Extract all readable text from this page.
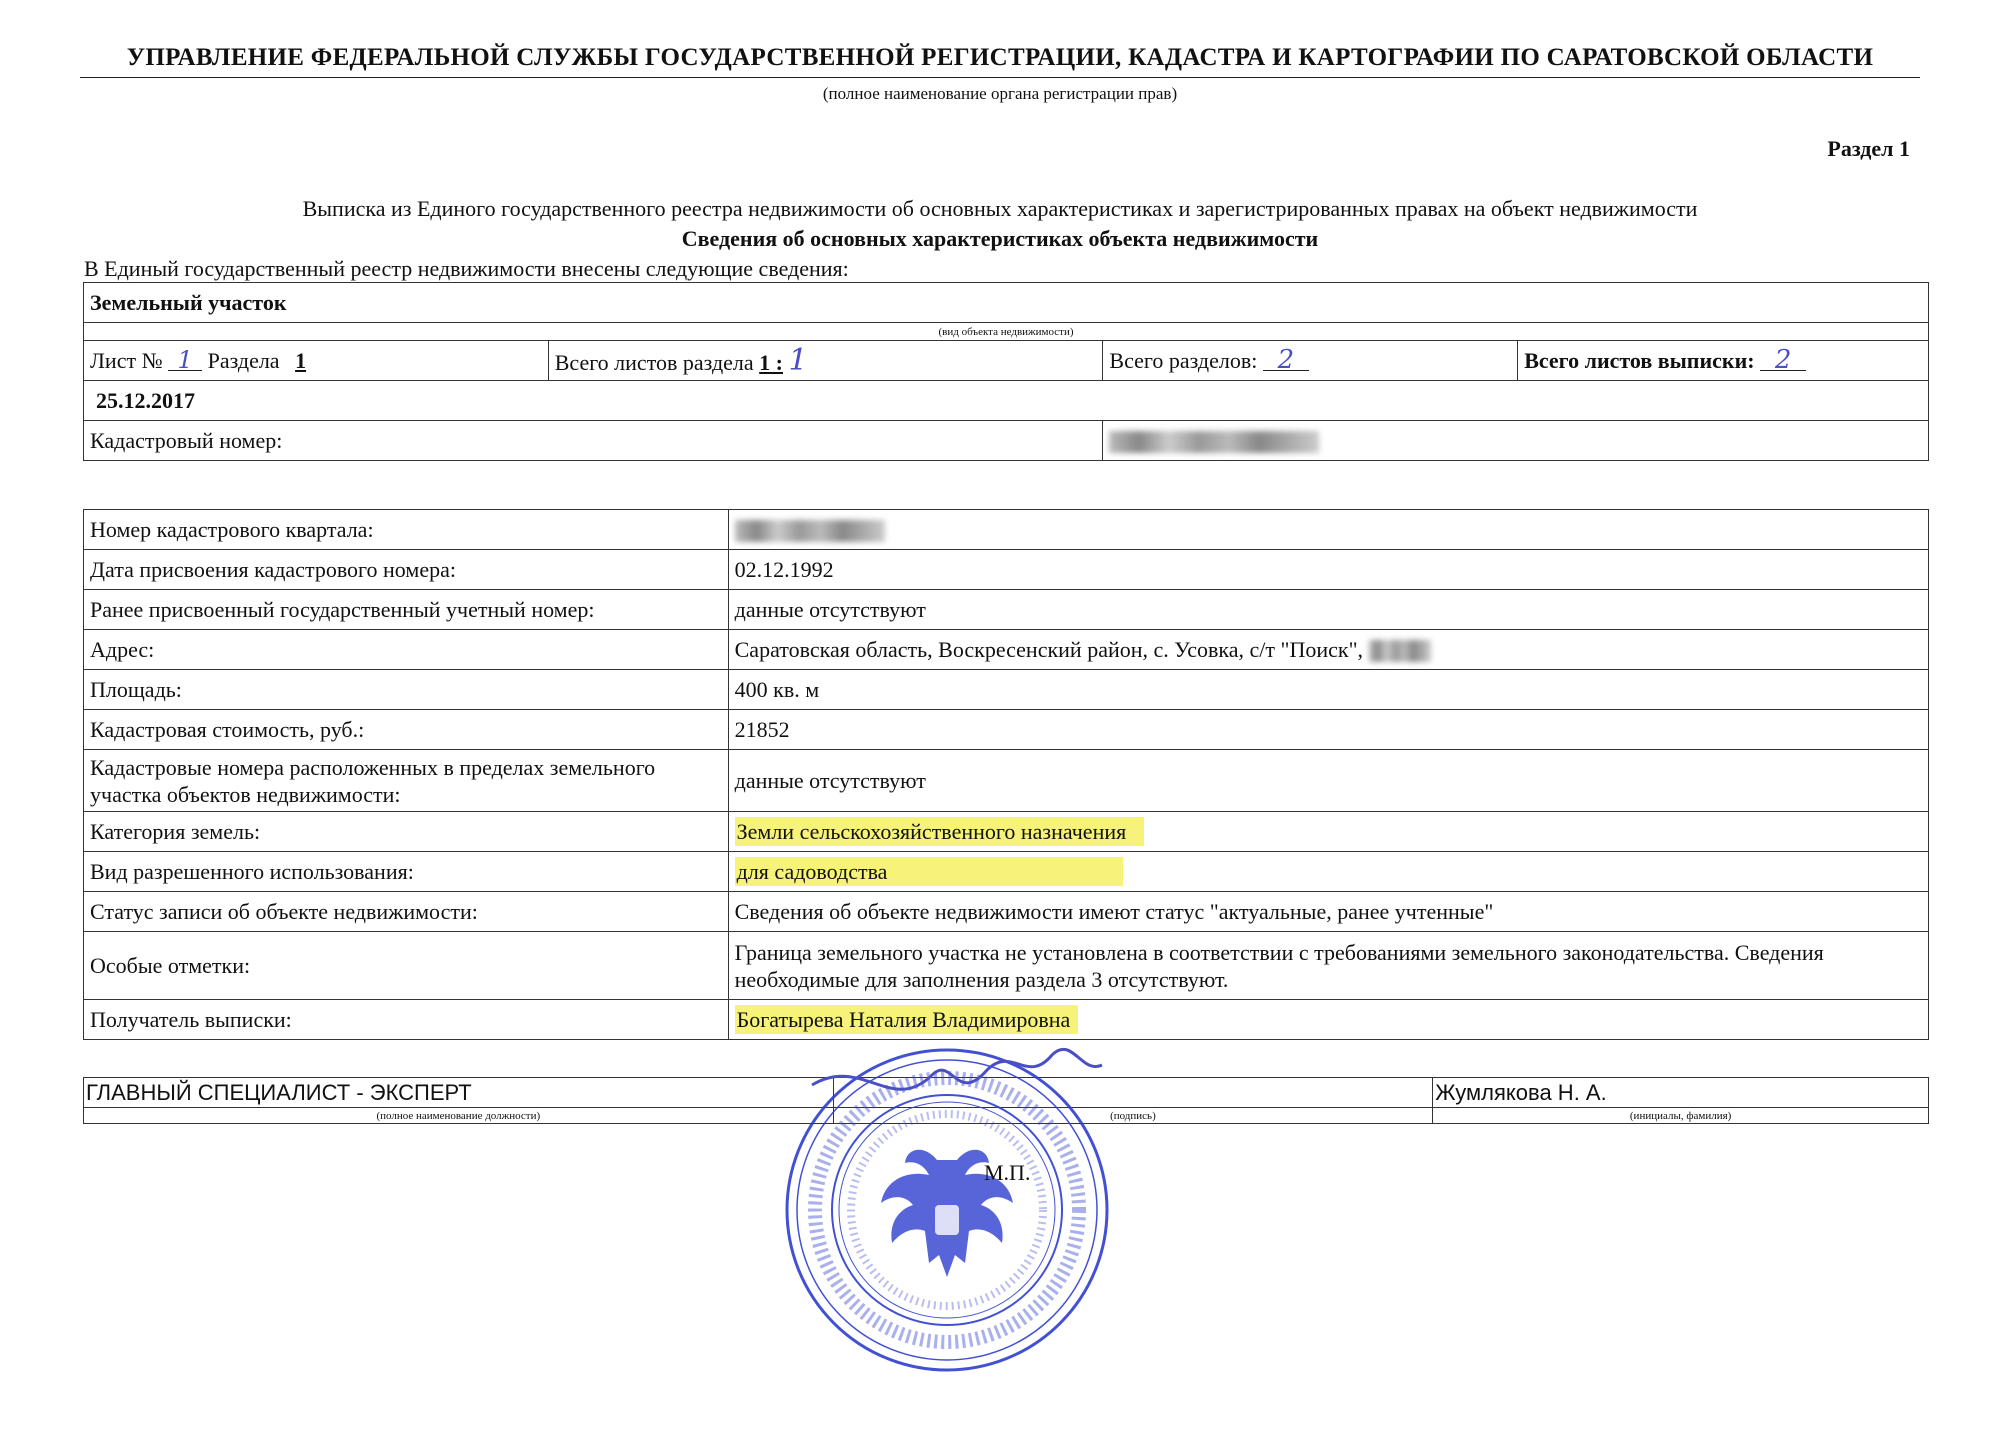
УПРАВЛЕНИЕ ФЕДЕРАЛЬНОЙ СЛУЖБЫ ГОСУДАРСТВЕННОЙ РЕГИСТРАЦИИ, КАДАСТРА И КАРТОГРАФИИ ПО САРАТОВСКОЙ ОБЛАСТИ
(полное наименование органа регистрации прав)
Раздел 1
Выписка из Единого государственного реестра недвижимости об основных характеристиках и зарегистрированных правах на объект недвижимости
Сведения об основных характеристиках объекта недвижимости
В Единый государственный реестр недвижимости внесены следующие сведения:
Земельный участок			
(вид объекта недвижимости)			
Лист № 1 Раздела 1	Всего листов раздела 1 : 1	Всего разделов: 2	Всего листов выписки: 2
25.12.2017			
Кадастровый номер:			
Номер кадастрового квартала:	
Дата присвоения кадастрового номера:	02.12.1992
Ранее присвоенный государственный учетный номер:	данные отсутствуют
Адрес:	Саратовская область, Воскресенский район, с. Усовка, с/т "Поиск",
Площадь:	400 кв. м
Кадастровая стоимость, руб.:	21852
Кадастровые номера расположенных в пределах земельного участка объектов недвижимости:	данные отсутствуют
Категория земель:	Земли сельскохозяйственного назначения
Вид разрешенного использования:	для садоводства
Статус записи об объекте недвижимости:	Сведения об объекте недвижимости имеют статус "актуальные, ранее учтенные"
Особые отметки:	Граница земельного участка не установлена в соответствии с требованиями земельного законодательства. Сведения необходимые для заполнения раздела 3 отсутствуют.
Получатель выписки:	Богатырева Наталия Владимировна
ГЛАВНЫЙ СПЕЦИАЛИСТ - ЭКСПЕРТ		Жумлякова Н. А.
(полное наименование должности)	(подпись)	(инициалы, фамилия)
М.П.
